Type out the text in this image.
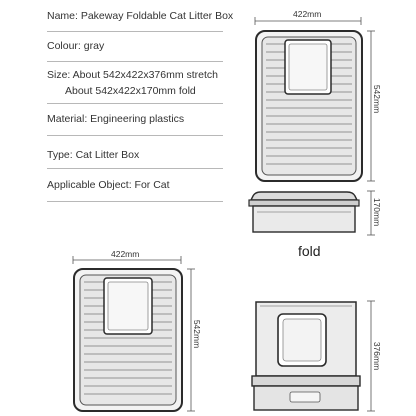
Name: Pakeway Foldable Cat Litter Box
Colour: gray
Size: About 542x422x376mm stretch
About 542x422x170mm fold
Material: Engineering plastics
Type: Cat Litter Box
Applicable Object: For Cat
422mm
542mm
170mm
fold
422mm
542mm
376mm
